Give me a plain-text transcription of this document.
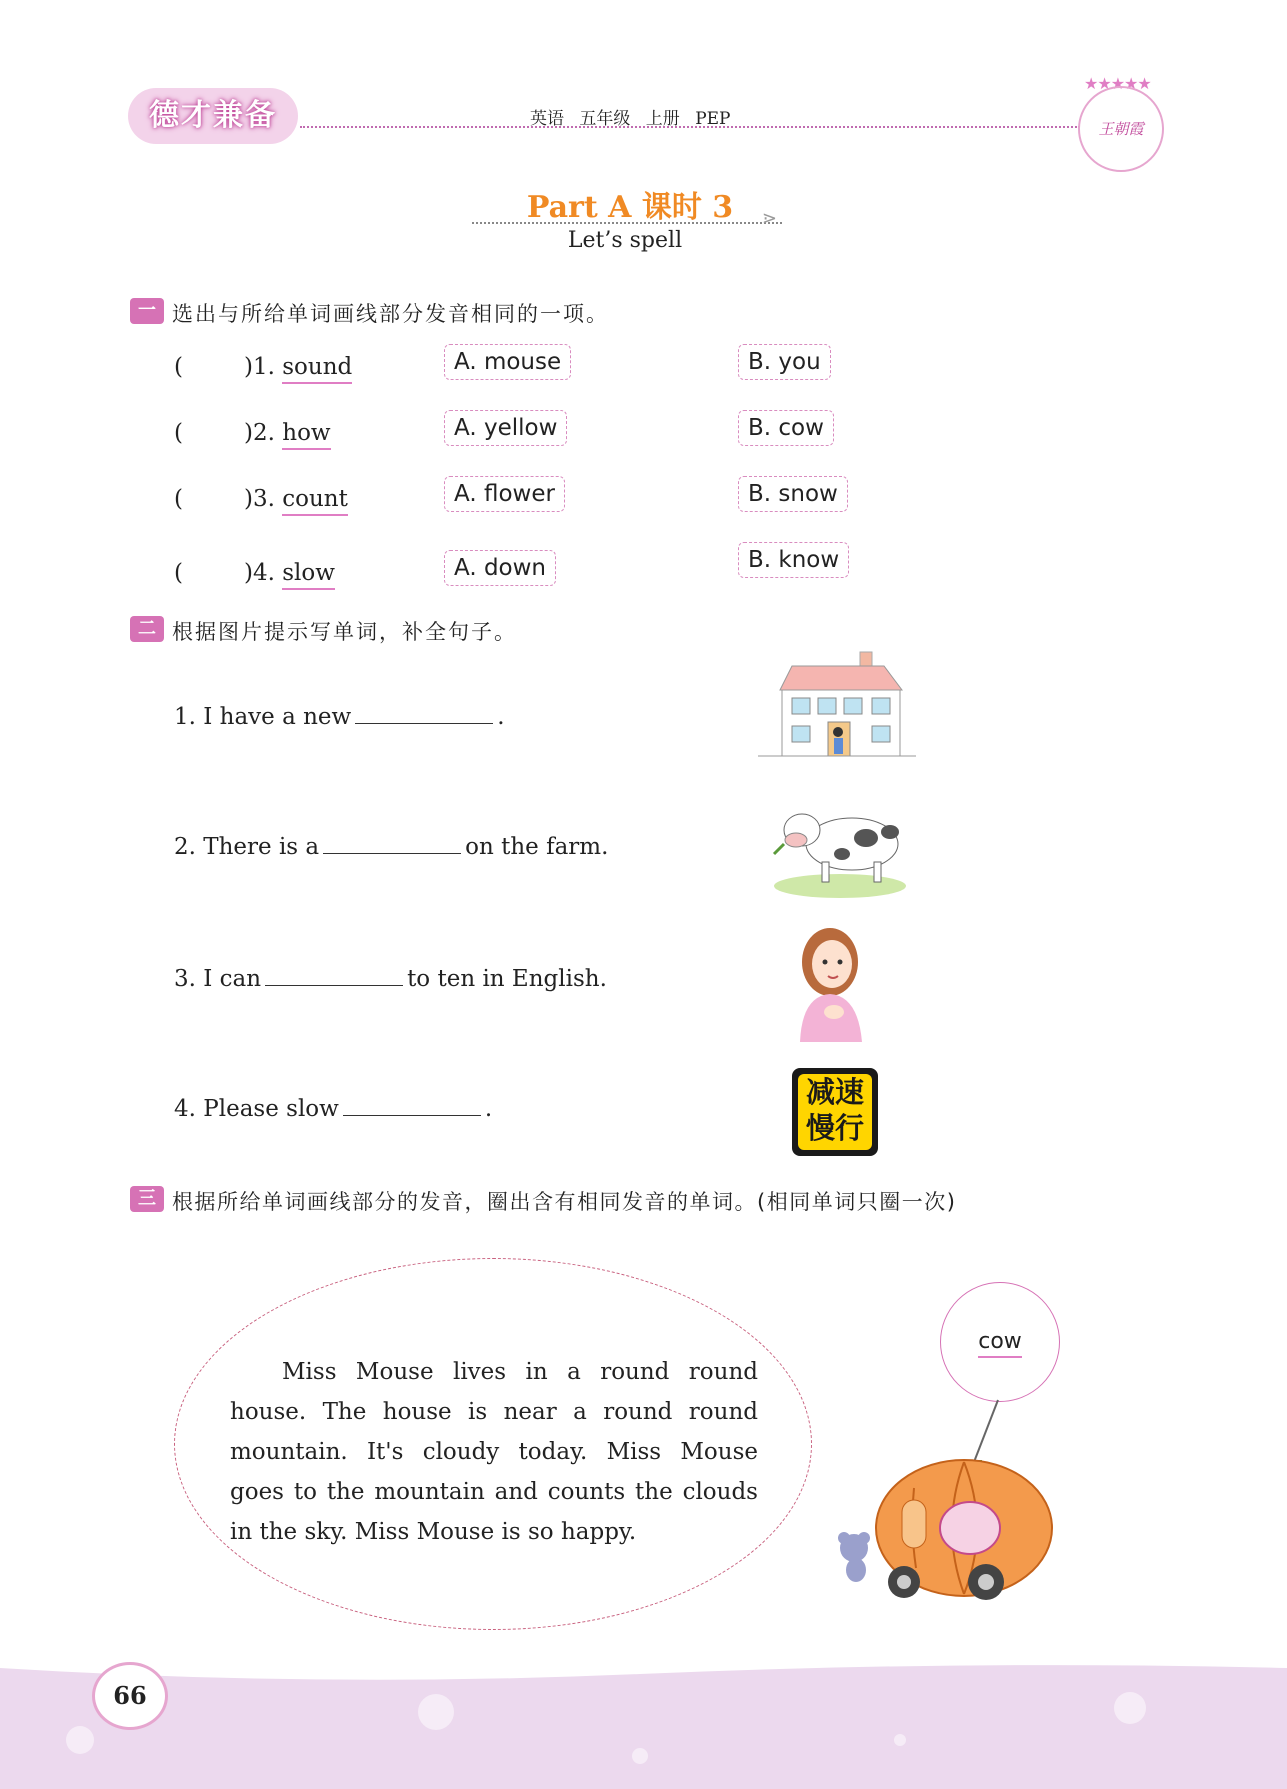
德才兼备	英语 五年级 上册 PEP
★★★★★
王朝霞
Part A 课时 3	⋗
Let’s spell
一 选出与所给单词画线部分发音相同的一项。
(	)1. sound	A. mouse	B. you
(	)2. how	A. yellow	B. cow
(	)3. count	A. flower	B. snow
(	)4. slow	A. down	B. know
二 根据图片提示写单词，补全句子。
1. I have a new	.
2. There is a	on the farm.
3. I can	to ten in English.
4. Please slow	.	减速
慢行
三 根据所给单词画线部分的发音，圈出含有相同发音的单词。(相同单词只圈一次)
Miss Mouse lives in a round round house. The house is near a round round mountain. It's cloudy today. Miss Mouse goes to the mountain and counts the clouds in the sky. Miss Mouse is so happy.
cow
66
